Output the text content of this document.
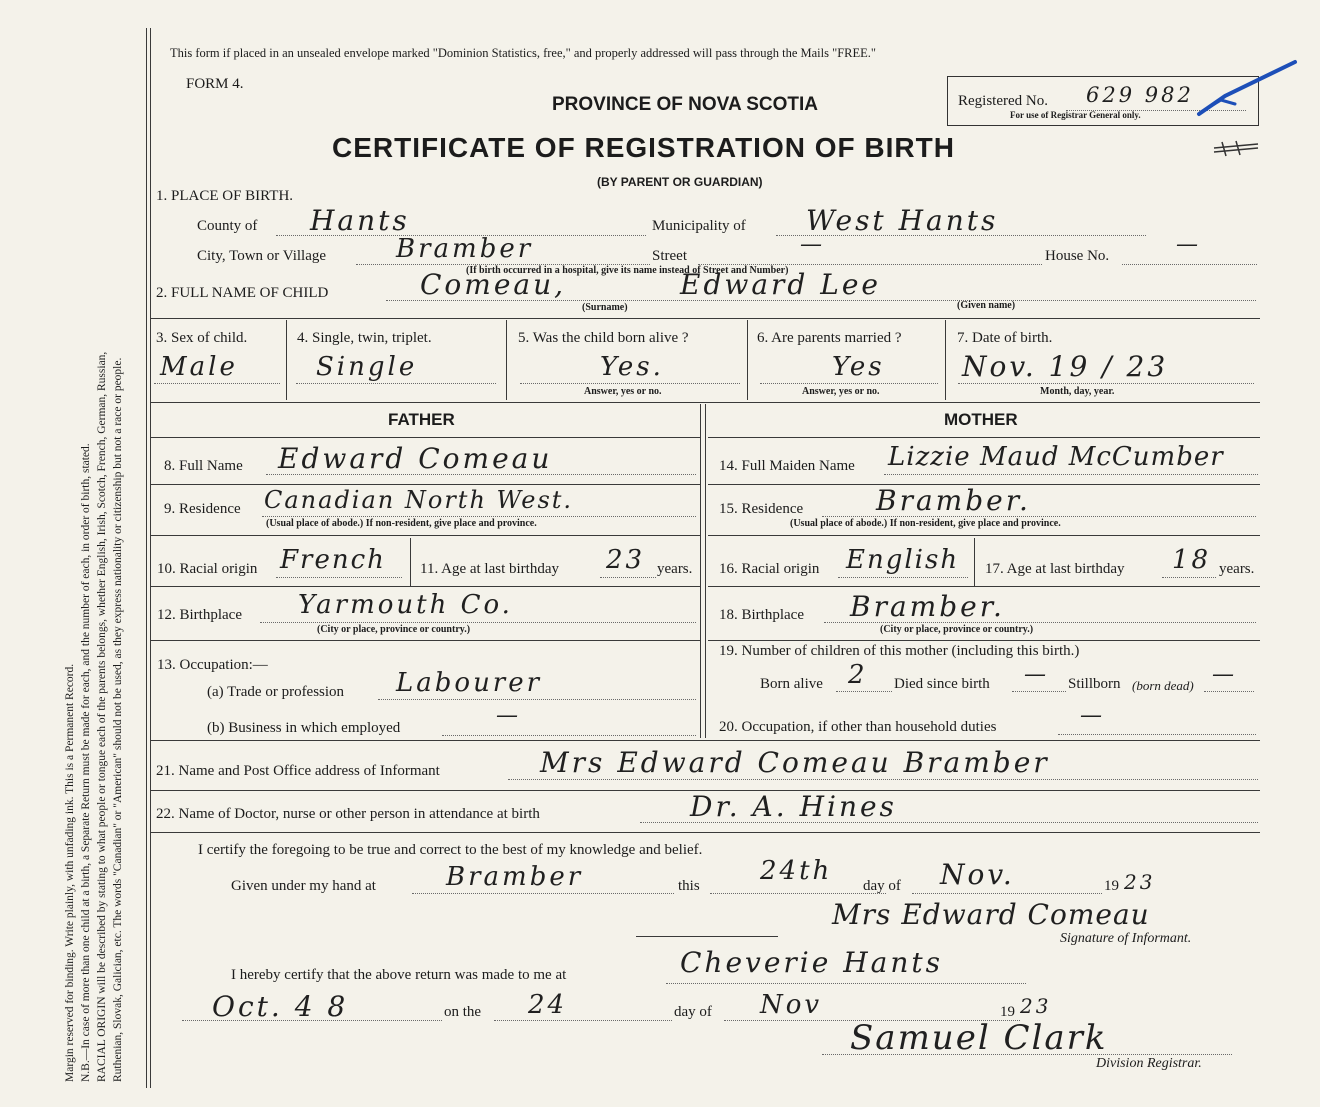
Margin reserved for binding. Write plainly, with unfading ink. This is a Permanent Record. N.B.—In case of more than one child at a birth, a Separate Return must be made for each, and the number of each, in order of birth, stated. RACIAL ORIGIN will be described by stating to what people or tongue each of the parents belongs, whether English, Irish, Scotch, French, German, Russian, Ruthenian, Slovak, Galician, etc. The words "Canadian" or "American" should not be used, as they express nationality or citizenship but not a race or people.
This form if placed in an unsealed envelope marked "Dominion Statistics, free," and properly addressed will pass through the Mails "FREE."
FORM 4.
PROVINCE OF NOVA SCOTIA
CERTIFICATE OF REGISTRATION OF BIRTH
(BY PARENT OR GUARDIAN)
Registered No. 629 982
For use of Registrar General only.
1. PLACE OF BIRTH.
County of Hants	Municipality of West Hants
City, Town or Village	Bramber	Street	—	House No.	—
(If birth occurred in a hospital, give its name instead of Street and Number)
2. FULL NAME OF CHILD	Comeau,	Edward Lee
(Surname)	(Given name)
3. Sex of child.
Male
4. Single, twin, triplet.
Single
5. Was the child born alive ?
Yes.
Answer, yes or no.
6. Are parents married ?
Yes
Answer, yes or no.
7. Date of birth.
Nov. 19 / 23
Month, day, year.
FATHER	MOTHER
8. Full Name Edward Comeau
9. Residence Canadian North West.
(Usual place of abode.) If non-resident, give place and province.
10. Racial origin French 11. Age at last birthday 23 years.
12. Birthplace Yarmouth Co.
(City or place, province or country.)
13. Occupation:—
(a) Trade or profession Labourer
(b) Business in which employed	—
14. Full Maiden Name Lizzie Maud McCumber
15. Residence	Bramber.
(Usual place of abode.) If non-resident, give place and province.
16. Racial origin English 17. Age at last birthday 18 years.
18. Birthplace Bramber.
(City or place, province or country.)
19. Number of children of this mother (including this birth.)
Born alive 2 Died since birth — Stillborn (born dead) —
20. Occupation, if other than household duties	—
21. Name and Post Office address of Informant	Mrs Edward Comeau Bramber
22. Name of Doctor, nurse or other person in attendance at birth	Dr. A. Hines
I certify the foregoing to be true and correct to the best of my knowledge and belief.
Given under my hand at	Bramber	this 24th day of Nov.	19 23
Mrs Edward Comeau
Signature of Informant.
I hereby certify that the above return was made to me at	Cheverie Hants
Oct. 4 8	on the 24	day of Nov	19 23
Samuel Clark
Division Registrar.
